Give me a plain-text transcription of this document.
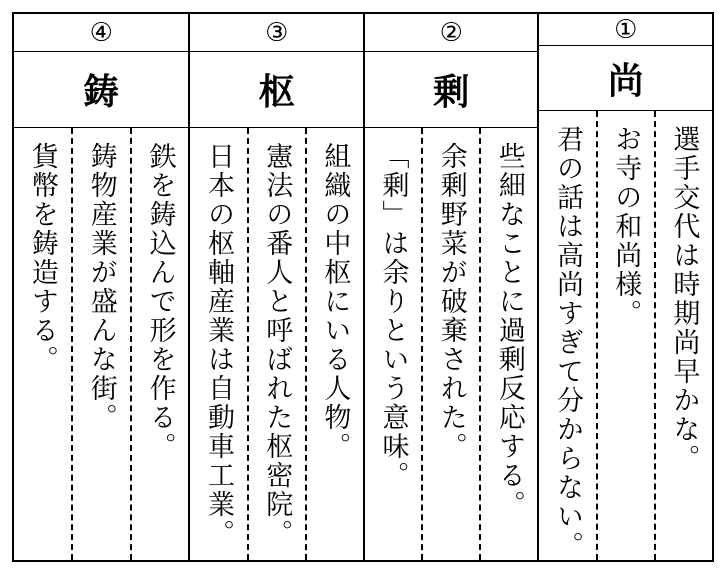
④
鋳
鉄を鋳込んで形を作る。
鋳物産業が盛んな街。
貨幣を鋳造する。
③
枢
組織の中枢にいる人物。
憲法の番人と呼ばれた枢密院。
日本の枢軸産業は自動車工業。
②
剰
些細なことに過剰反応する。
余剰野菜が破棄された。
「剰」は余りという意味。
①
尚
選手交代は時期尚早かな。
お寺の和尚様。
君の話は高尚すぎて分からない。
